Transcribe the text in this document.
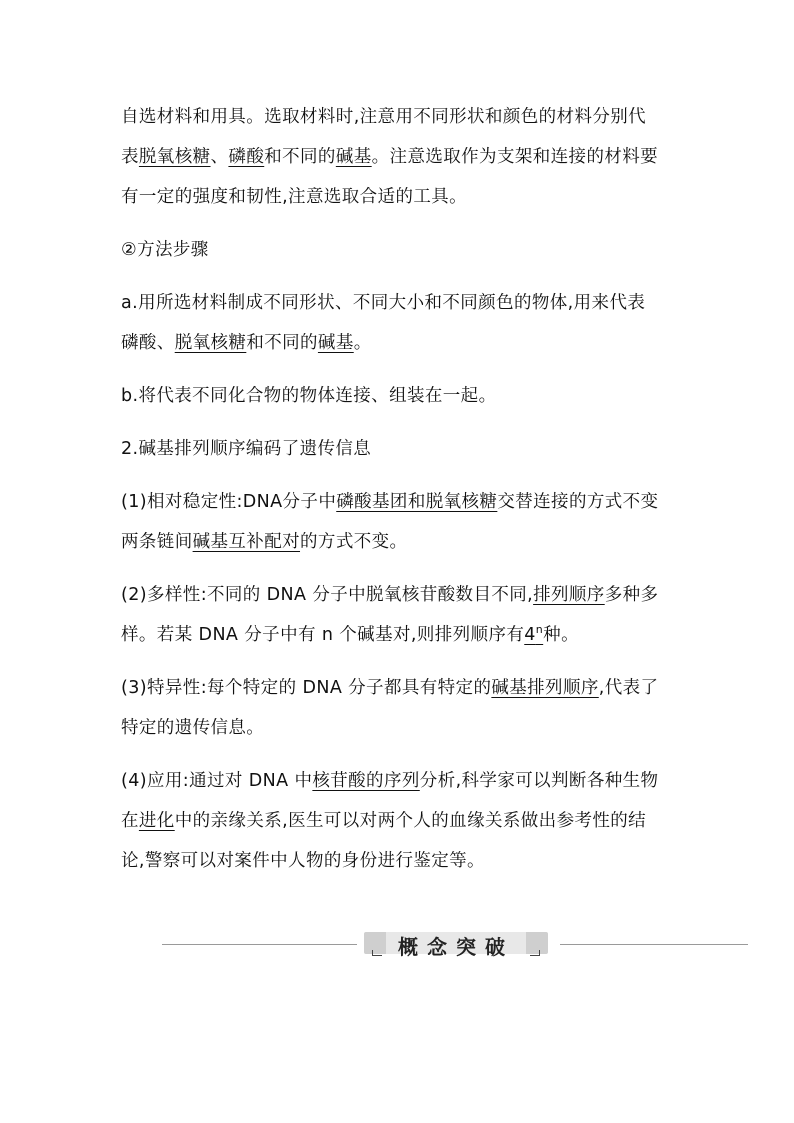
自选材料和用具。选取材料时,注意用不同形状和颜色的材料分别代
表脱氧核糖、磷酸和不同的碱基。注意选取作为支架和连接的材料要
有一定的强度和韧性,注意选取合适的工具。
②方法步骤
a.用所选材料制成不同形状、不同大小和不同颜色的物体,用来代表
磷酸、脱氧核糖和不同的碱基。
b.将代表不同化合物的物体连接、组装在一起。
2.碱基排列顺序编码了遗传信息
(1)相对稳定性:DNA分子中磷酸基团和脱氧核糖交替连接的方式不变
两条链间碱基互补配对的方式不变。
(2)多样性:不同的 DNA 分子中脱氧核苷酸数目不同,排列顺序多种多
样。若某 DNA 分子中有 n 个碱基对,则排列顺序有4$^n$种。
(3)特异性:每个特定的 DNA 分子都具有特定的碱基排列顺序,代表了
特定的遗传信息。
(4)应用:通过对 DNA 中核苷酸的序列分析,科学家可以判断各种生物
在进化中的亲缘关系,医生可以对两个人的血缘关系做出参考性的结
论,警察可以对案件中人物的身份进行鉴定等。
概念突破
